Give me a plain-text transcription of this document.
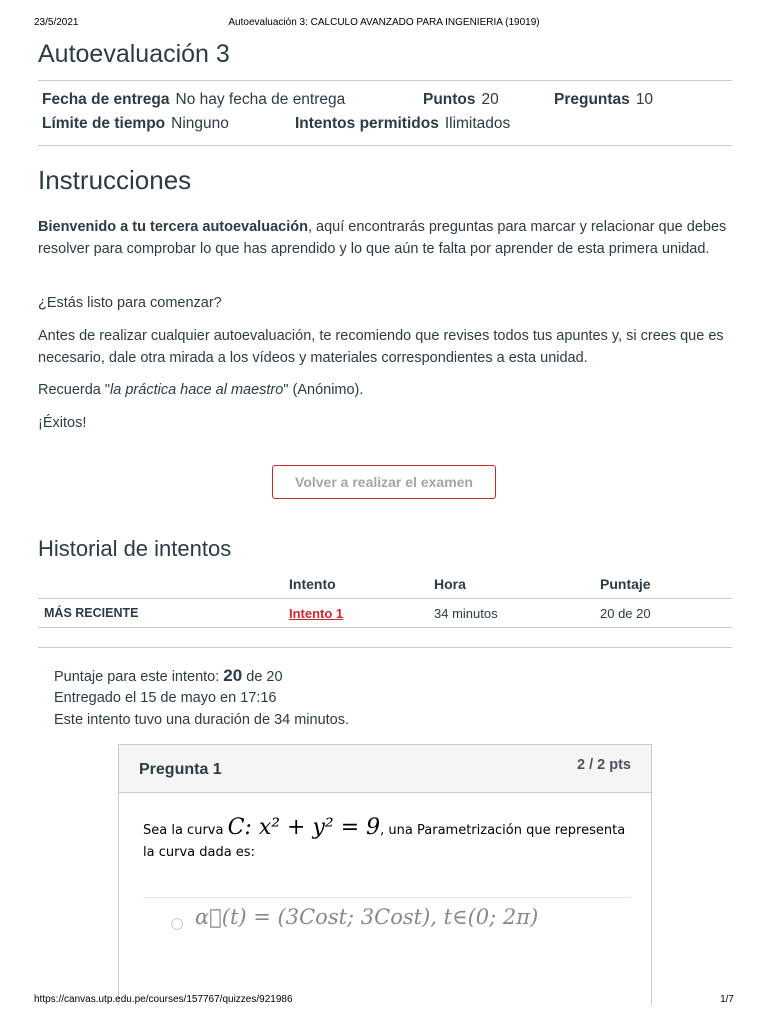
23/5/2021	Autoevaluación 3: CALCULO AVANZADO PARA INGENIERIA (19019)
Autoevaluación 3
Fecha de entrega No hay fecha de entrega	Puntos 20	Preguntas 10
Límite de tiempo Ninguno	Intentos permitidos Ilimitados
Instrucciones

Bienvenido a tu tercera autoevaluación, aquí encontrarás preguntas para marcar y relacionar que debes resolver para comprobar lo que has aprendido y lo que aún te falta por aprender de esta primera unidad.

¿Estás listo para comenzar?

Antes de realizar cualquier autoevaluación, te recomiendo que revises todos tus apuntes y, si crees que es necesario, dale otra mirada a los vídeos y materiales correspondientes a esta unidad.

Recuerda "la práctica hace al maestro" (Anónimo).

¡Éxitos!

Volver a realizar el examen
Historial de intentos
	Intento	Hora	Puntaje
MÁS RECIENTE	Intento 1	34 minutos	20 de 20
Puntaje para este intento: 20 de 20
Entregado el 15 de mayo en 17:16
Este intento tuvo una duración de 34 minutos.
Pregunta 1	2 / 2 pts
Sea la curva C: x² + y² = 9, una Parametrización que representa la curva dada es:
α⃗(t) = (3Cost; 3Cost), t∈(0; 2π)
https://canvas.utp.edu.pe/courses/157767/quizzes/921986	1/7
